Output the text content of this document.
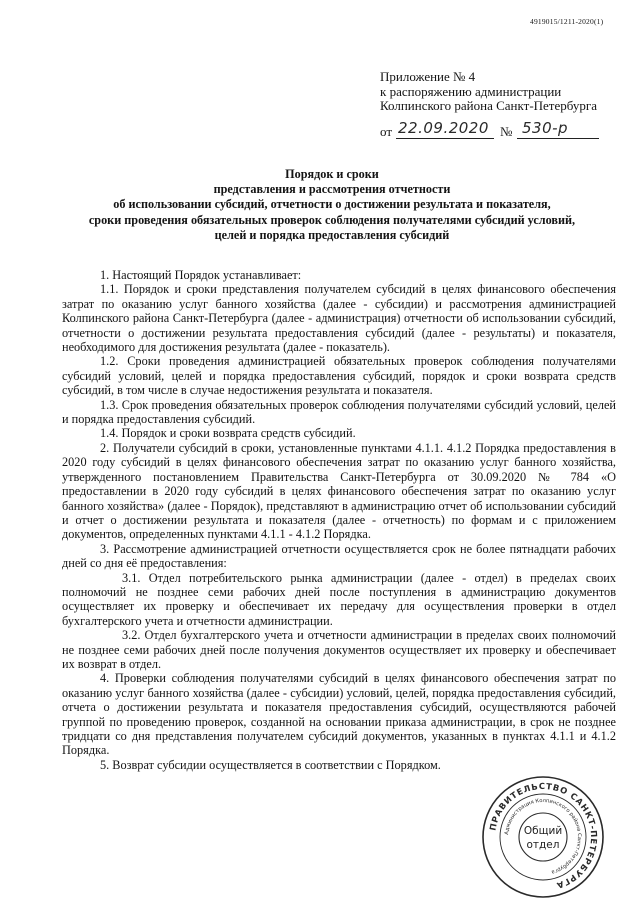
4919015/1211-2020(1)
Приложение № 4
к распоряжению администрации
Колпинского района Санкт-Петербурга
от 22.09.2020 № 530-р
Порядок и сроки
представления и рассмотрения отчетности
об использовании субсидий, отчетности о достижении результата и показателя,
сроки проведения обязательных проверок соблюдения получателями субсидий условий,
целей и порядка предоставления субсидий

1. Настоящий Порядок устанавливает:

1.1. Порядок и сроки представления получателем субсидий в целях финансового обеспечения затрат по оказанию услуг банного хозяйства (далее - субсидии) и рассмотрения администрацией Колпинского района Санкт-Петербурга (далее - администрация) отчетности об использовании субсидий, отчетности о достижении результата предоставления субсидий (далее - результаты) и показателя, необходимого для достижения результата (далее - показатель).

1.2. Сроки проведения администрацией обязательных проверок соблюдения получателями субсидий условий, целей и порядка предоставления субсидий, порядок и сроки возврата средств субсидий, в том числе в случае недостижения результата и показателя.

1.3. Срок проведения обязательных проверок соблюдения получателями субсидий условий, целей и порядка предоставления субсидий.

1.4. Порядок и сроки возврата средств субсидий.

2. Получатели субсидий в сроки, установленные пунктами 4.1.1. 4.1.2 Порядка предоставления в 2020 году субсидий в целях финансового обеспечения затрат по оказанию услуг банного хозяйства, утвержденного постановлением Правительства Санкт-Петербурга от 30.09.2020 № 784 «О предоставлении в 2020 году субсидий в целях финансового обеспечения затрат по оказанию услуг банного хозяйства» (далее - Порядок), представляют в администрацию отчет об использовании субсидий и отчет о достижении результата и показателя (далее - отчетность) по формам и с приложением документов, определенных пунктами 4.1.1 - 4.1.2 Порядка.

3. Рассмотрение администрацией отчетности осуществляется срок не более пятнадцати рабочих дней со дня её предоставления:

3.1. Отдел потребительского рынка администрации (далее - отдел) в пределах своих полномочий не позднее семи рабочих дней после поступления в администрацию документов осуществляет их проверку и обеспечивает их передачу для осуществления проверки в отдел бухгалтерского учета и отчетности администрации.

3.2. Отдел бухгалтерского учета и отчетности администрации в пределах своих полномочий не позднее семи рабочих дней после получения документов осуществляет их проверку и обеспечивает их возврат в отдел.

4. Проверки соблюдения получателями субсидий в целях финансового обеспечения затрат по оказанию услуг банного хозяйства (далее - субсидии) условий, целей, порядка предоставления субсидий, отчета о достижении результата и показателя предоставления субсидий, осуществляются рабочей группой по проведению проверок, созданной на основании приказа администрации, в срок не позднее тридцати со дня представления получателем субсидий документов, указанных в пунктах 4.1.1 и 4.1.2 Порядка.

5. Возврат субсидии осуществляется в соответствии с Порядком.

ПРАВИТЕЛЬСТВО САНКТ-ПЕТЕРБУРГА
Администрация Колпинского района Санкт-Петербурга
Общий
отдел
